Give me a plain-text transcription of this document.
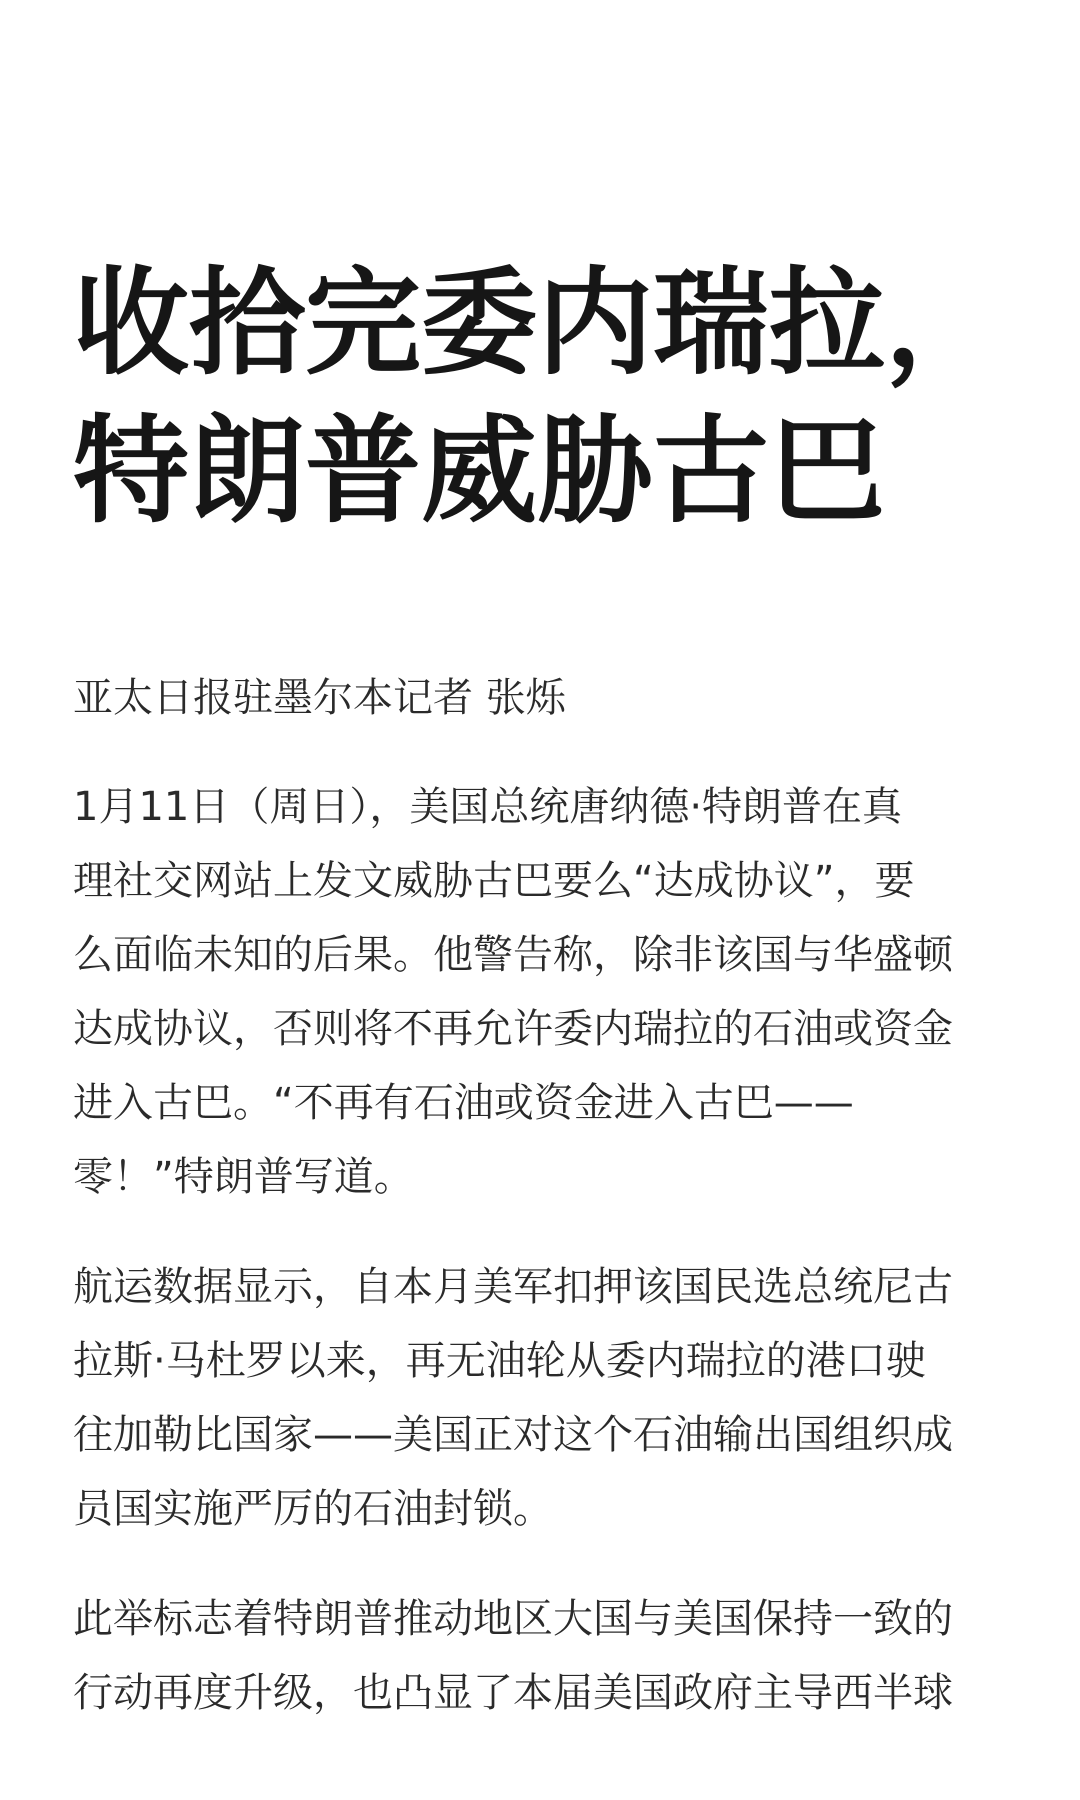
收拾完委内瑞拉，
特朗普威胁古巴
亚太日报驻墨尔本记者 张烁

1月11日（周日），美国总统唐纳德·特朗普在真
理社交网站上发文威胁古巴要么“达成协议”，要
么面临未知的后果。他警告称，除非该国与华盛顿
达成协议，否则将不再允许委内瑞拉的石油或资金
进入古巴。“不再有石油或资金进入古巴——
零！”特朗普写道。

航运数据显示，自本月美军扣押该国民选总统尼古
拉斯·马杜罗以来，再无油轮从委内瑞拉的港口驶
往加勒比国家——美国正对这个石油输出国组织成
员国实施严厉的石油封锁。

此举标志着特朗普推动地区大国与美国保持一致的
行动再度升级，也凸显了本届美国政府主导西半球
